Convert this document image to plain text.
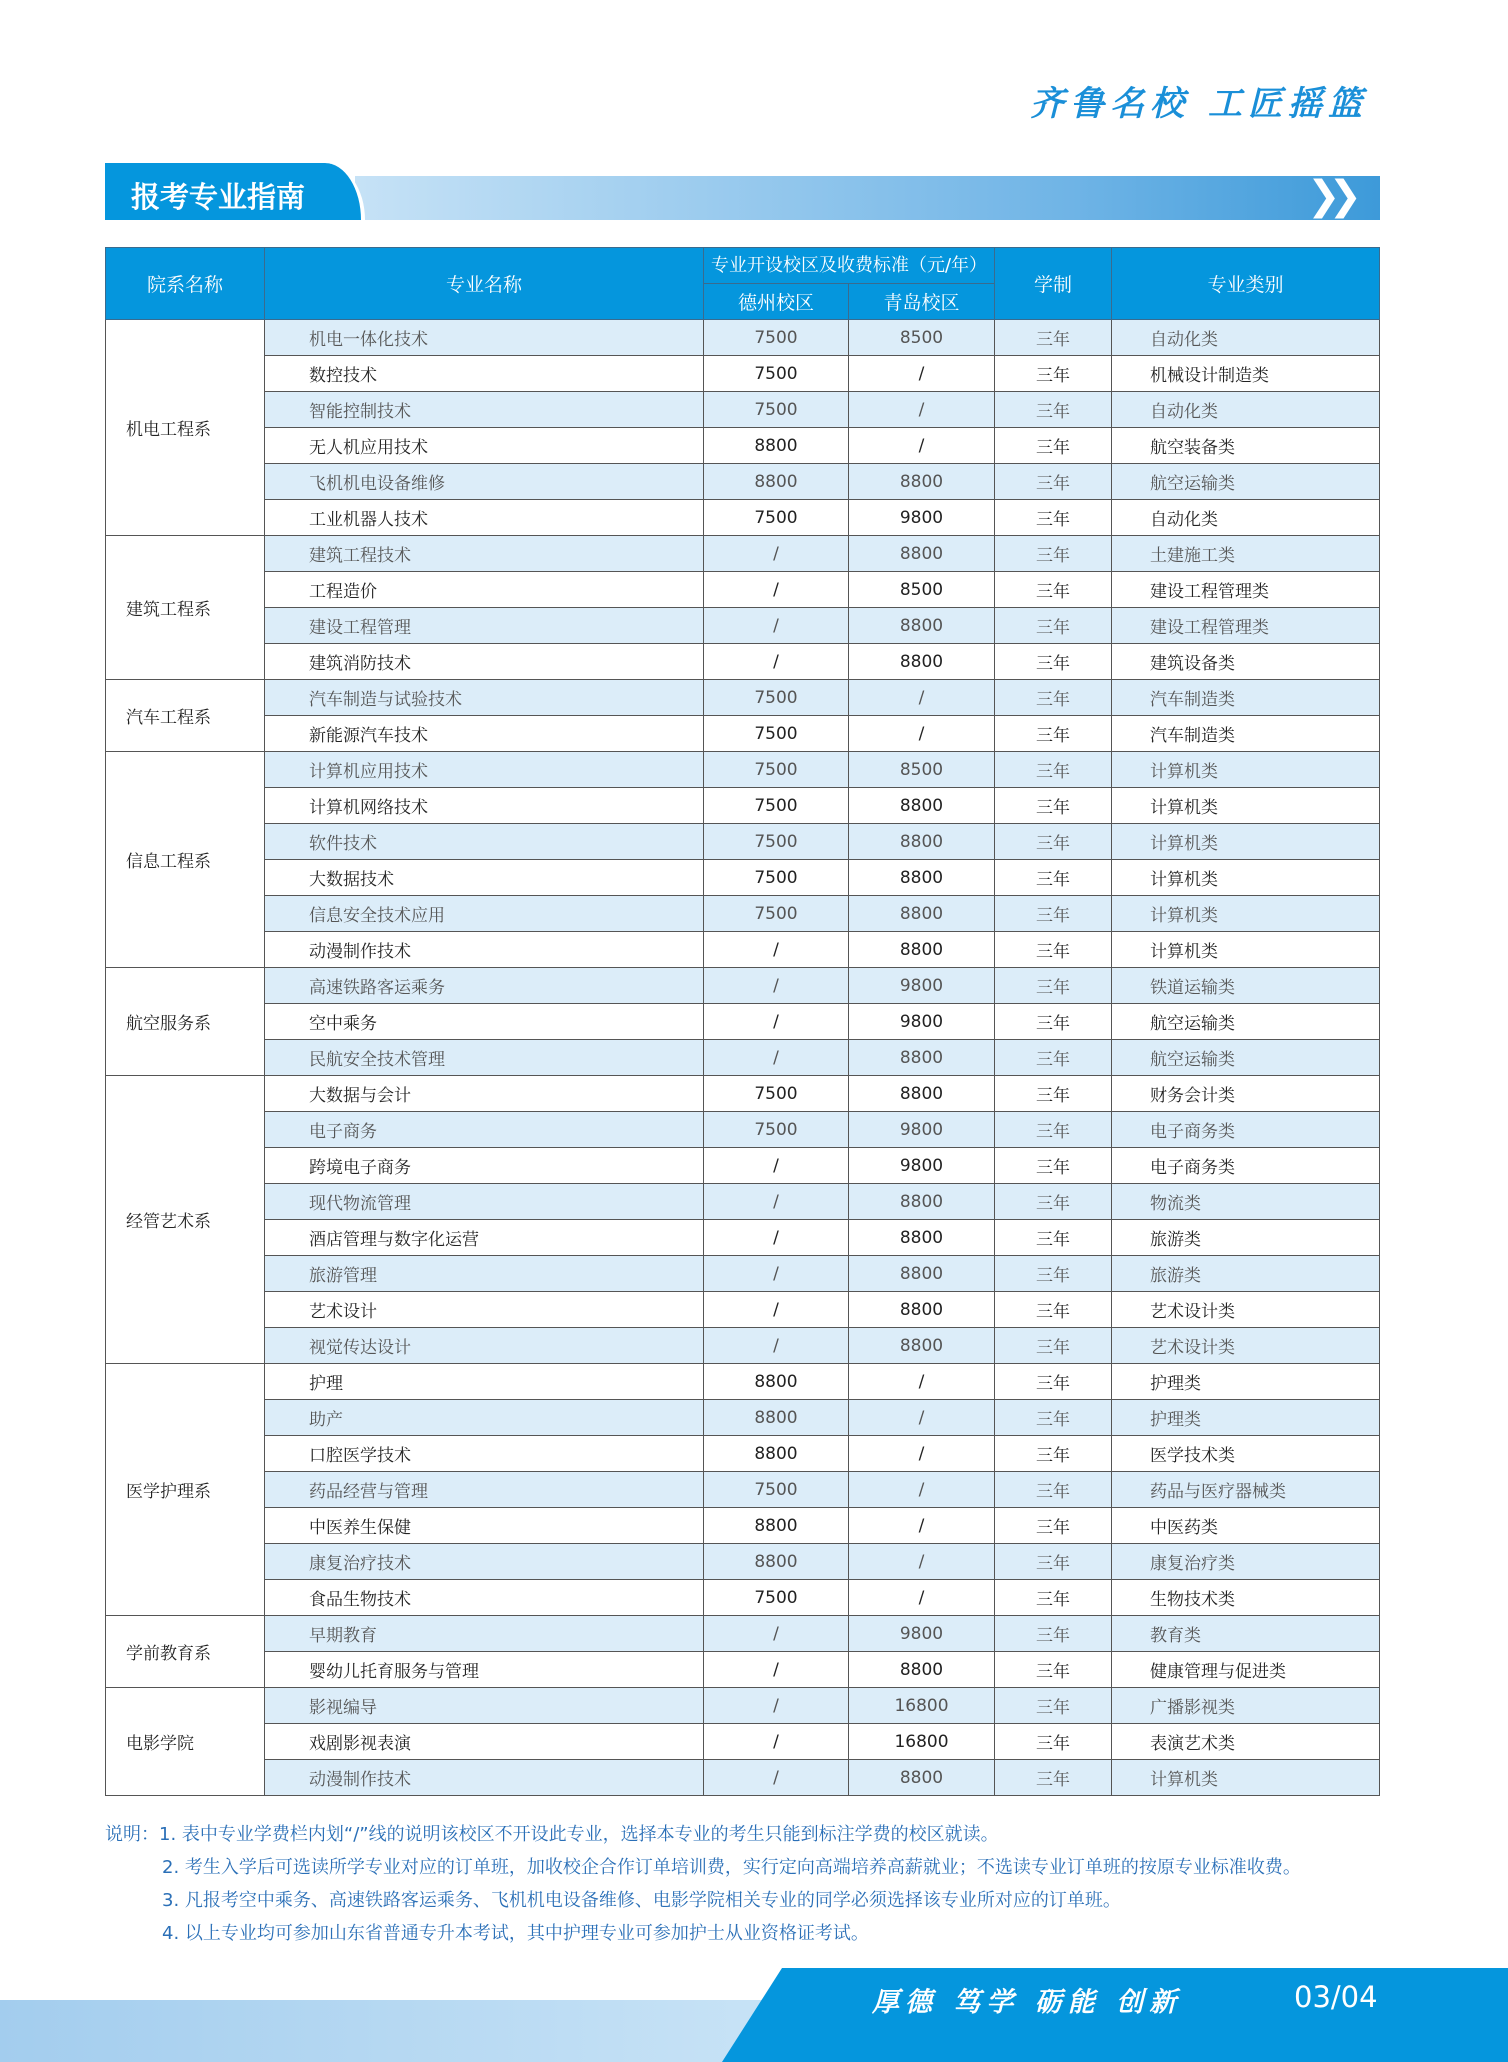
齐鲁名校 工匠摇篮
报考专业指南	❯❯
院系名称	专业名称	专业开设校区及收费标准（元/年）		学制	专业类别
		德州校区	青岛校区		
机电工程系	机电一体化技术	7500	8500	三年	自动化类
	数控技术	7500	/	三年	机械设计制造类
	智能控制技术	7500	/	三年	自动化类
	无人机应用技术	8800	/	三年	航空装备类
	飞机机电设备维修	8800	8800	三年	航空运输类
	工业机器人技术	7500	9800	三年	自动化类
建筑工程系	建筑工程技术	/	8800	三年	土建施工类
	工程造价	/	8500	三年	建设工程管理类
	建设工程管理	/	8800	三年	建设工程管理类
	建筑消防技术	/	8800	三年	建筑设备类
汽车工程系	汽车制造与试验技术	7500	/	三年	汽车制造类
	新能源汽车技术	7500	/	三年	汽车制造类
信息工程系	计算机应用技术	7500	8500	三年	计算机类
	计算机网络技术	7500	8800	三年	计算机类
	软件技术	7500	8800	三年	计算机类
	大数据技术	7500	8800	三年	计算机类
	信息安全技术应用	7500	8800	三年	计算机类
	动漫制作技术	/	8800	三年	计算机类
航空服务系	高速铁路客运乘务	/	9800	三年	铁道运输类
	空中乘务	/	9800	三年	航空运输类
	民航安全技术管理	/	8800	三年	航空运输类
经管艺术系	大数据与会计	7500	8800	三年	财务会计类
	电子商务	7500	9800	三年	电子商务类
	跨境电子商务	/	9800	三年	电子商务类
	现代物流管理	/	8800	三年	物流类
	酒店管理与数字化运营	/	8800	三年	旅游类
	旅游管理	/	8800	三年	旅游类
	艺术设计	/	8800	三年	艺术设计类
	视觉传达设计	/	8800	三年	艺术设计类
医学护理系	护理	8800	/	三年	护理类
	助产	8800	/	三年	护理类
	口腔医学技术	8800	/	三年	医学技术类
	药品经营与管理	7500	/	三年	药品与医疗器械类
	中医养生保健	8800	/	三年	中医药类
	康复治疗技术	8800	/	三年	康复治疗类
	食品生物技术	7500	/	三年	生物技术类
学前教育系	早期教育	/	9800	三年	教育类
	婴幼儿托育服务与管理	/	8800	三年	健康管理与促进类
电影学院	影视编导	/	16800	三年	广播影视类
	戏剧影视表演	/	16800	三年	表演艺术类
	动漫制作技术	/	8800	三年	计算机类
说明：1. 表中专业学费栏内划“/”线的说明该校区不开设此专业，选择本专业的考生只能到标注学费的校区就读。
2. 考生入学后可选读所学专业对应的订单班，加收校企合作订单培训费，实行定向高端培养高薪就业；不选读专业订单班的按原专业标准收费。
3. 凡报考空中乘务、高速铁路客运乘务、飞机机电设备维修、电影学院相关专业的同学必须选择该专业所对应的订单班。
4. 以上专业均可参加山东省普通专升本考试，其中护理专业可参加护士从业资格证考试。
厚德 笃学 砺能 创新	03/04
